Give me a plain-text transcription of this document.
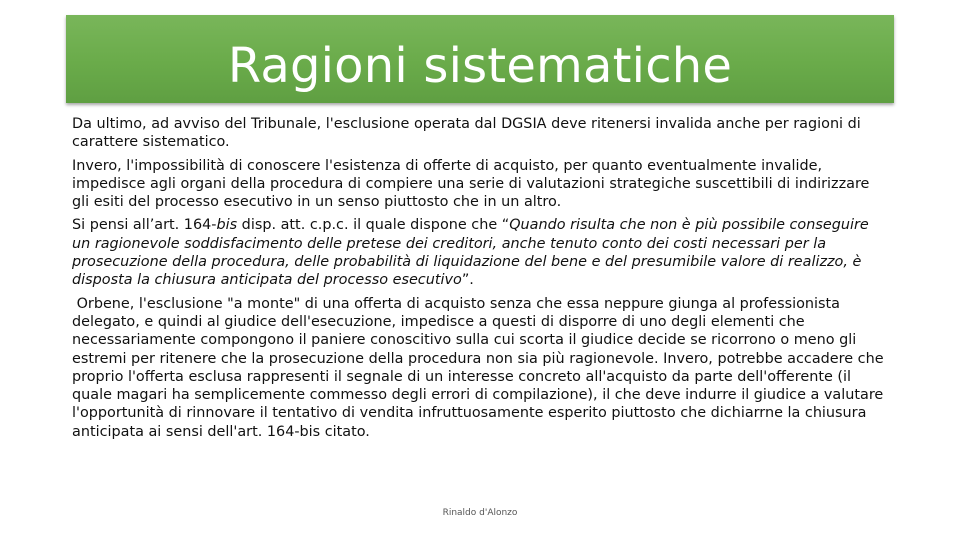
Ragioni sistematiche

Da ultimo, ad avviso del Tribunale, l'esclusione operata dal DGSIA deve ritenersi invalida anche per ragioni di carattere sistematico.

Invero, l'impossibilità di conoscere l'esistenza di offerte di acquisto, per quanto eventualmente invalide, impedisce agli organi della procedura di compiere una serie di valutazioni strategiche suscettibili di indirizzare gli esiti del processo esecutivo in un senso piuttosto che in un altro.

Si pensi all’art. 164-bis disp. att. c.p.c. il quale dispone che “Quando risulta che non è più possibile conseguire un ragionevole soddisfacimento delle pretese dei creditori, anche tenuto conto dei costi necessari per la prosecuzione della procedura, delle probabilità di liquidazione del bene e del presumibile valore di realizzo, è disposta la chiusura anticipata del processo esecutivo”.

Orbene, l'esclusione "a monte" di una offerta di acquisto senza che essa neppure giunga al professionista delegato, e quindi al giudice dell'esecuzione, impedisce a questi di disporre di uno degli elementi che necessariamente compongono il paniere conoscitivo sulla cui scorta il giudice decide se ricorrono o meno gli estremi per ritenere che la prosecuzione della procedura non sia più ragionevole. Invero, potrebbe accadere che proprio l'offerta esclusa rappresenti il segnale di un interesse concreto all'acquisto da parte dell'offerente (il quale magari ha semplicemente commesso degli errori di compilazione), il che deve indurre il giudice a valutare l'opportunità di rinnovare il tentativo di vendita infruttuosamente esperito piuttosto che dichiarrne la chiusura anticipata ai sensi dell'art. 164-bis citato.

Rinaldo d'Alonzo
